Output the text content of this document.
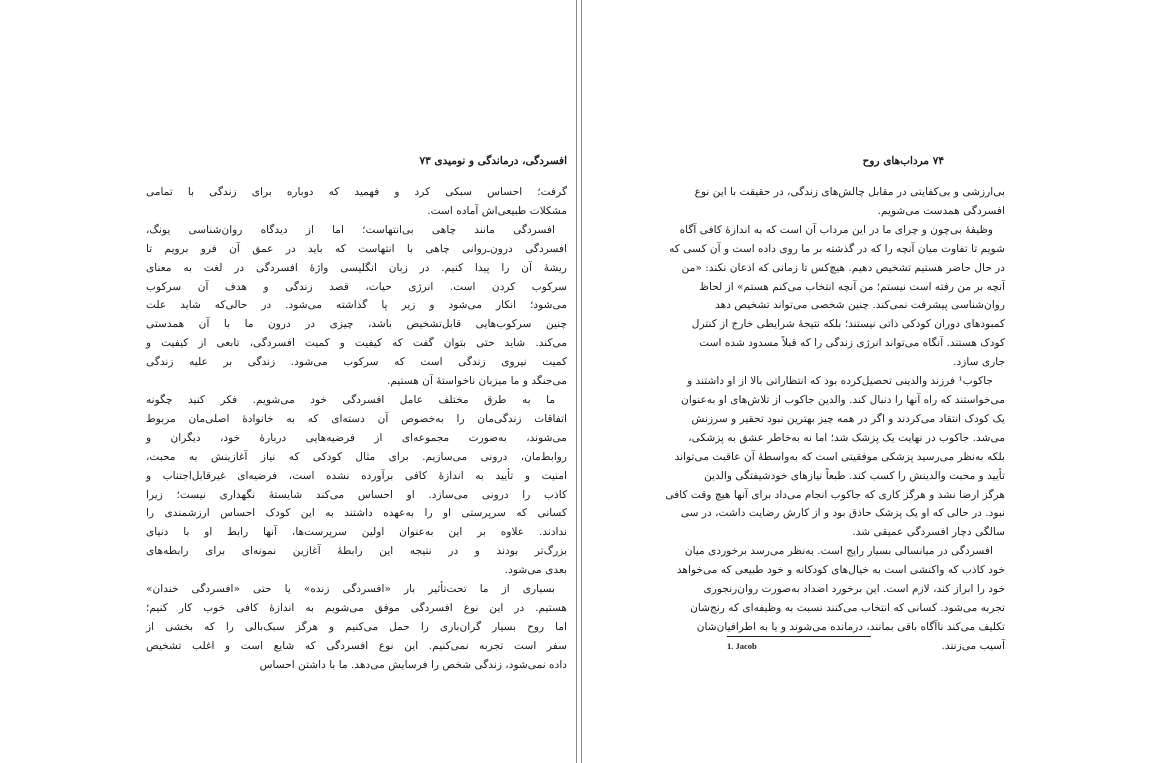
افسردگی، درماندگی و نومیدی ۷۳

گرفت؛ احساس سبکی کرد و فهمید که دوباره برای زندگی با تمامی
مشکلات طبیعی‌اش آماده است.

افسردگی مانند چاهی بی‌انتهاست؛ اما از دیدگاه روان‌شناسی یونگ،
افسردگی درون‌ـ‌روانی چاهی با انتهاست که باید در عمق آن فرو برویم تا
ریشهٔ آن را پیدا کنیم. در زبان انگلیسی واژهٔ افسردگی در لغت به معنای
سرکوب کردن است. انرژی حیات، قصد زندگی و هدف آن سرکوب
می‌شود؛ انکار می‌شود و زیر پا گذاشته می‌شود. در حالی‌که شاید علت
چنین سرکوب‌هایی قابل‌تشخیص باشد، چیزی در درون ما با آن همدستی
می‌کند. شاید حتی بتوان گفت که کیفیت و کمیت افسردگی، تابعی از کیفیت و
کمیت نیروی زندگی است که سرکوب می‌شود. زندگی بر علیه زندگی
می‌جنگد و ما میزبان ناخواستهٔ آن هستیم.

ما به طرق مختلف عامل افسردگی خود می‌شویم. فکر کنید چگونه
اتفاقات زندگی‌مان را به‌خصوص آن دسته‌ای که به خانوادهٔ اصلی‌مان مربوط
می‌شوند، به‌صورت مجموعه‌ای از فرضیه‌هایی دربارهٔ خود، دیگران و
روابط‌مان، درونی می‌سازیم. برای مثال کودکی که نیاز آغازینش به محبت،
امنیت و تأیید به اندازهٔ کافی برآورده نشده است، فرضیه‌ای غیرقابل‌اجتناب و
کاذب را درونی می‌سازد. او احساس می‌کند شایستهٔ نگهداری نیست؛ زیرا
کسانی که سرپرستی او را به‌عهده داشتند به این کودک احساس ارزشمندی را
ندادند. علاوه بر این به‌عنوان اولین سرپرست‌ها، آنها رابط او با دنیای
بزرگ‌تر بودند و در نتیجه این رابطهٔ آغازین نمونه‌ای برای رابطه‌های
بعدی می‌شود.

بسیاری از ما تحت‌تأثیر بار «افسردگی زنده» یا حتی «افسردگی خندان»
هستیم. در این نوع افسردگی موفق می‌شویم به اندازهٔ کافی خوب کار کنیم؛
اما روح بسیار گران‌باری را حمل می‌کنیم و هرگز سبک‌بالی را که بخشی از
سفر است تجربه نمی‌کنیم. این نوع افسردگی که شایع است و اغلب تشخیص
داده نمی‌شود، زندگی شخص را فرسایش می‌دهد. ما با داشتن احساس

۷۴ مرداب‌های روح

بی‌ارزشی و بی‌کفایتی در مقابل چالش‌های زندگی، در حقیقت با این نوع
افسردگی همدست می‌شویم.

وظیفهٔ بی‌چون و چرای ما در این مرداب آن است که به اندازهٔ کافی آگاه
شویم تا تفاوت میان آنچه را که در گذشته بر ما روی داده است و آن کسی که
در حال حاضر هستیم تشخیص دهیم. هیچ‌کس تا زمانی که اذعان نکند: «من
آنچه بر من رفته است نیستم؛ من آنچه انتخاب می‌کنم هستم» از لحاظ
روان‌شناسی پیشرفت نمی‌کند. چنین شخصی می‌تواند تشخیص دهد
کمبودهای دوران کودکی ذاتی نیستند؛ بلکه نتیجهٔ شرایطی خارج از کنترل
کودک هستند. آنگاه می‌تواند انرژی زندگی را که قبلاً مسدود شده است
جاری سازد.

جاکوب¹ فرزند والدینی تحصیل‌کرده بود که انتظاراتی بالا از او داشتند و
می‌خواستند که راه آنها را دنبال کند. والدین جاکوب از تلاش‌های او به‌عنوان
یک کودک انتقاد می‌کردند و اگر در همه چیز بهترین نبود تحقیر و سرزنش
می‌شد. جاکوب در نهایت یک پزشک شد؛ اما نه به‌خاطر عشق به پزشکی،
بلکه به‌نظر می‌رسید پزشکی موفقیتی است که به‌واسطهٔ آن عاقبت می‌تواند
تأیید و محبت والدینش را کسب کند. طبعاً نیازهای خودشیفتگی والدین
هرگز ارضا نشد و هرگز کاری که جاکوب انجام می‌داد برای آنها هیچ وقت کافی
نبود. در حالی که او یک پزشک حاذق بود و از کارش رضایت داشت، در سی
سالگی دچار افسردگی عمیقی شد.

افسردگی در میانسالی بسیار رایج است. به‌نظر می‌رسد برخوردی میان
خود کاذب که واکنشی است به خیال‌های کودکانه و خود طبیعی که می‌خواهد
خود را ابراز کند، لازم است. این برخورد اضداد به‌صورت روان‌رنجوری
تجربه می‌شود. کسانی که انتخاب می‌کنند نسبت به وظیفه‌ای که رنج‌شان
تکلیف می‌کند ناآگاه باقی بمانند، درمانده می‌شوند و یا به اطرافیان‌شان
آسیب می‌زنند.

1. Jacob
